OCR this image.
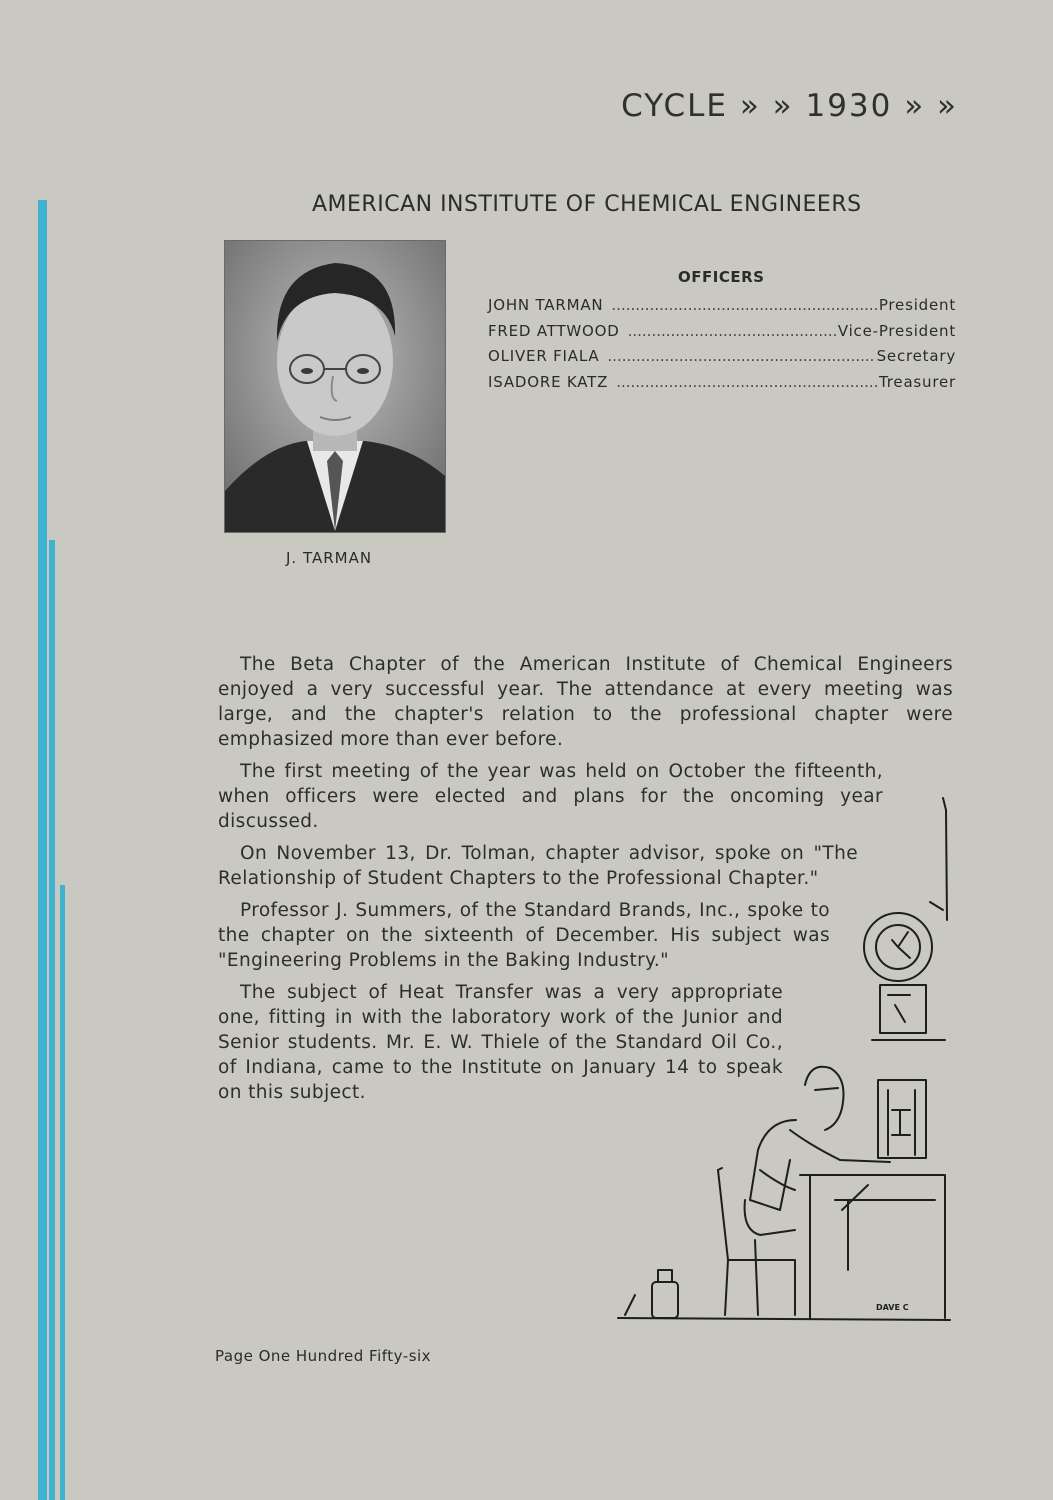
CYCLE » » 1930 » »
AMERICAN INSTITUTE OF CHEMICAL ENGINEERS
J. TARMAN
OFFICERS
JOHN TARMAN .....	President
FRED ATTWOOD .....	Vice-President
OLIVER FIALA .....	Secretary
ISADORE KATZ .....	Treasurer

The Beta Chapter of the American Institute of Chemical Engineers enjoyed a very successful year. The attendance at every meeting was large, and the chapter's relation to the professional chapter were emphasized more than ever before.

The first meeting of the year was held on October the fifteenth, when officers were elected and plans for the oncoming year discussed.

On November 13, Dr. Tolman, chapter advisor, spoke on "The Relationship of Student Chapters to the Professional Chapter."

Professor J. Summers, of the Standard Brands, Inc., spoke to the chapter on the sixteenth of December. His subject was "Engineering Problems in the Baking Industry."

The subject of Heat Transfer was a very appropriate one, fitting in with the laboratory work of the Junior and Senior students. Mr. E. W. Thiele of the Standard Oil Co., of Indiana, came to the Institute on January 14 to speak on this subject.

DAVE C
Page One Hundred Fifty-six
